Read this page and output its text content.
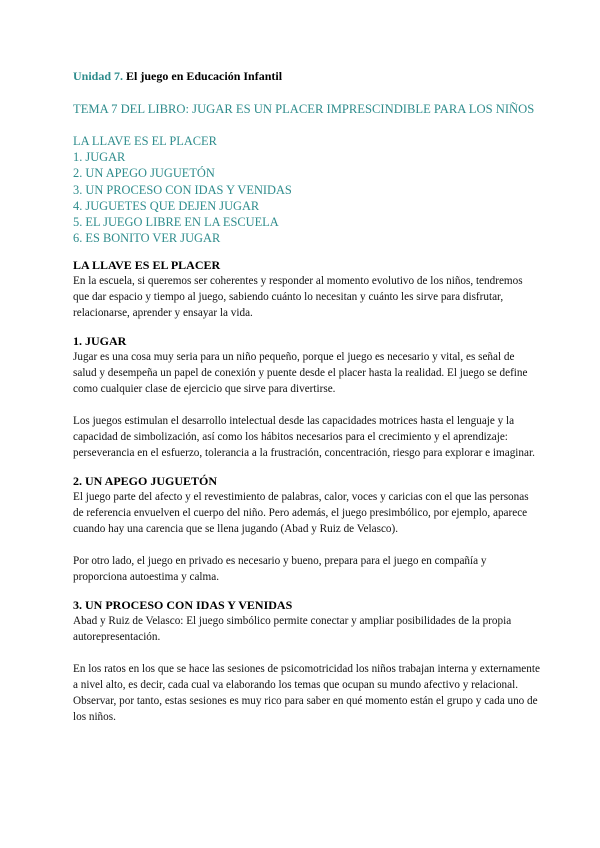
Unidad 7. El juego en Educación Infantil

TEMA 7 DEL LIBRO: JUGAR ES UN PLACER IMPRESCINDIBLE PARA LOS NIÑOS
LA LLAVE ES EL PLACER
1. JUGAR
2. UN APEGO JUGUETÓN
3. UN PROCESO CON IDAS Y VENIDAS
4. JUGUETES QUE DEJEN JUGAR
5. EL JUEGO LIBRE EN LA ESCUELA
6. ES BONITO VER JUGAR
LA LLAVE ES EL PLACER

En la escuela, si queremos ser coherentes y responder al momento evolutivo de los niños, tendremos que dar espacio y tiempo al juego, sabiendo cuánto lo necesitan y cuánto les sirve para disfrutar, relacionarse, aprender y ensayar la vida.

1. JUGAR

Jugar es una cosa muy seria para un niño pequeño, porque el juego es necesario y vital, es señal de salud y desempeña un papel de conexión y puente desde el placer hasta la realidad. El juego se define como cualquier clase de ejercicio que sirve para divertirse.

Los juegos estimulan el desarrollo intelectual desde las capacidades motrices hasta el lenguaje y la capacidad de simbolización, así como los hábitos necesarios para el crecimiento y el aprendizaje: perseverancia en el esfuerzo, tolerancia a la frustración, concentración, riesgo para explorar e imaginar.

2. UN APEGO JUGUETÓN

El juego parte del afecto y el revestimiento de palabras, calor, voces y caricias con el que las personas de referencia envuelven el cuerpo del niño. Pero además, el juego presimbólico, por ejemplo, aparece cuando hay una carencia que se llena jugando (Abad y Ruiz de Velasco).

Por otro lado, el juego en privado es necesario y bueno, prepara para el juego en compañía y proporciona autoestima y calma.

3. UN PROCESO CON IDAS Y VENIDAS

Abad y Ruiz de Velasco: El juego simbólico permite conectar y ampliar posibilidades de la propia autorepresentación.

En los ratos en los que se hace las sesiones de psicomotricidad los niños trabajan interna y externamente a nivel alto, es decir, cada cual va elaborando los temas que ocupan su mundo afectivo y relacional. Observar, por tanto, estas sesiones es muy rico para saber en qué momento están el grupo y cada uno de los niños.
